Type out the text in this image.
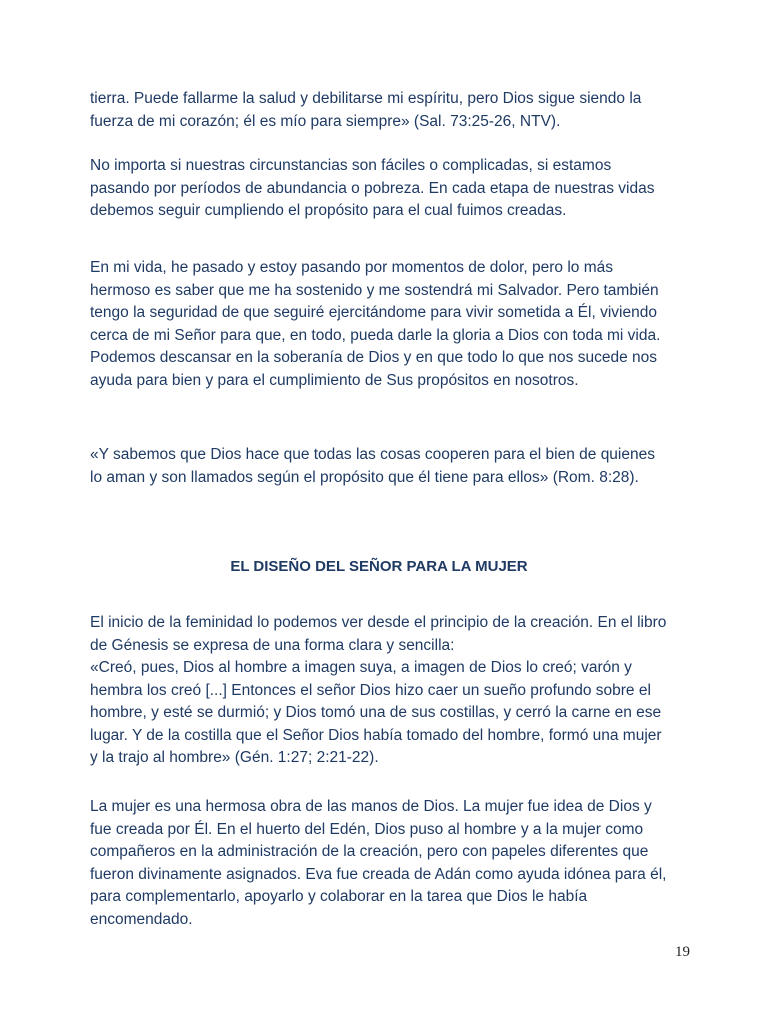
tierra. Puede fallarme la salud y debilitarse mi espíritu, pero Dios sigue siendo la fuerza de mi corazón; él es mío para siempre» (Sal. 73:25-26, NTV).

No importa si nuestras circunstancias son fáciles o complicadas, si estamos pasando por períodos de abundancia o pobreza. En cada etapa de nuestras vidas debemos seguir cumpliendo el propósito para el cual fuimos creadas.

En mi vida, he pasado y estoy pasando por momentos de dolor, pero lo más hermoso es saber que me ha sostenido y me sostendrá mi Salvador. Pero también tengo la seguridad de que seguiré ejercitándome para vivir sometida a Él, viviendo cerca de mi Señor para que, en todo, pueda darle la gloria a Dios con toda mi vida. Podemos descansar en la soberanía de Dios y en que todo lo que nos sucede nos ayuda para bien y para el cumplimiento de Sus propósitos en nosotros.

«Y sabemos que Dios hace que todas las cosas cooperen para el bien de quienes lo aman y son llamados según el propósito que él tiene para ellos» (Rom. 8:28).

EL DISEÑO DEL SEÑOR PARA LA MUJER
El inicio de la feminidad lo podemos ver desde el principio de la creación. En el libro de Génesis se expresa de una forma clara y sencilla:
«Creó, pues, Dios al hombre a imagen suya, a imagen de Dios lo creó; varón y hembra los creó [...] Entonces el señor Dios hizo caer un sueño profundo sobre el hombre, y esté se durmió; y Dios tomó una de sus costillas, y cerró la carne en ese lugar. Y de la costilla que el Señor Dios había tomado del hombre, formó una mujer y la trajo al hombre» (Gén. 1:27; 2:21-22).

La mujer es una hermosa obra de las manos de Dios. La mujer fue idea de Dios y fue creada por Él. En el huerto del Edén, Dios puso al hombre y a la mujer como compañeros en la administración de la creación, pero con papeles diferentes que fueron divinamente asignados. Eva fue creada de Adán como ayuda idónea para él, para complementarlo, apoyarlo y colaborar en la tarea que Dios le había encomendado.

19
